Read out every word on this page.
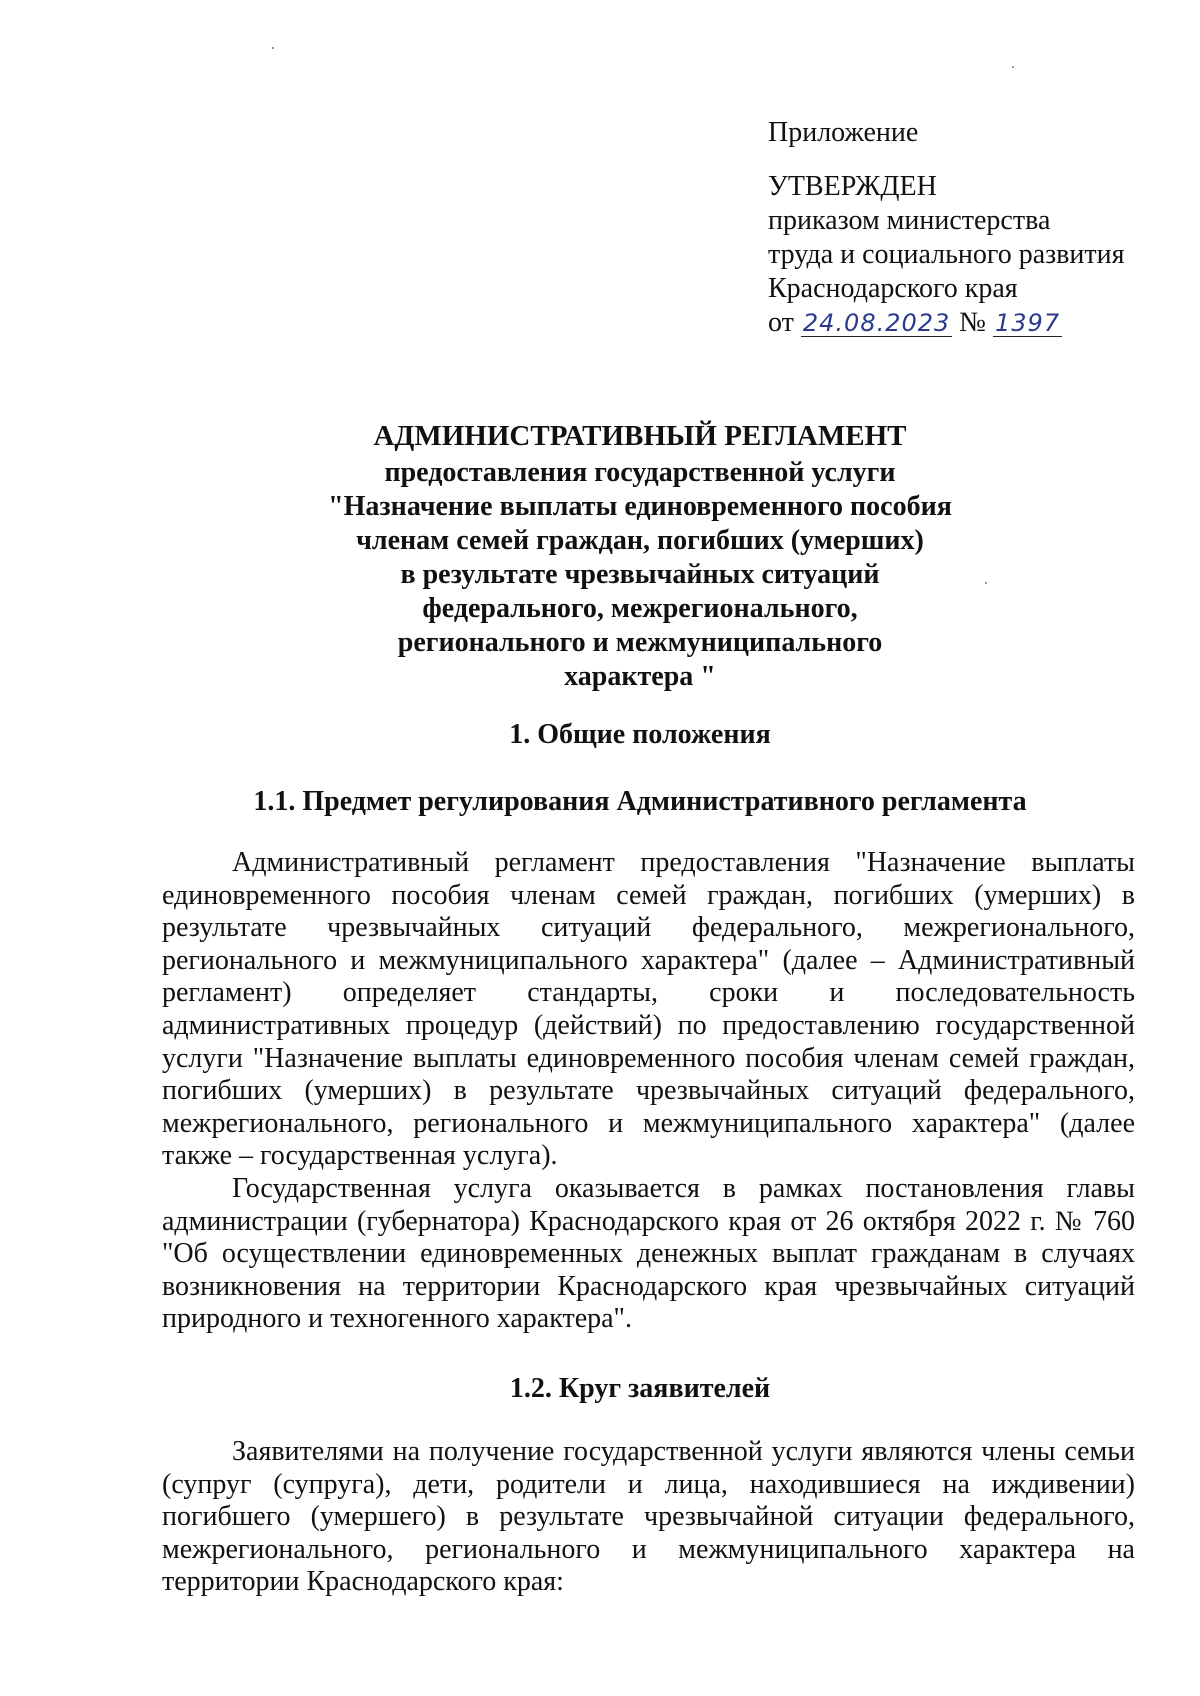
Приложение
УТВЕРЖДЕН
приказом министерства
труда и социального развития
Краснодарского края
от 24.08.2023 № 1397
АДМИНИСТРАТИВНЫЙ РЕГЛАМЕНТ
предоставления государственной услуги
"Назначение выплаты единовременного пособия
членам семей граждан, погибших (умерших)
в результате чрезвычайных ситуаций
федерального, межрегионального,
регионального и межмуниципального
характера "
1. Общие положения
1.1. Предмет регулирования Административного регламента

Административный регламент предоставления "Назначение выплаты единовременного пособия членам семей граждан, погибших (умерших) в результате чрезвычайных ситуаций федерального, межрегионального, регионального и межмуниципального характера" (далее – Административный регламент) определяет стандарты, сроки и последовательность административных процедур (действий) по предоставлению государственной услуги "Назначение выплаты единовременного пособия членам семей граждан, погибших (умерших) в результате чрезвычайных ситуаций федерального, межрегионального, регионального и межмуниципального характера" (далее также – государственная услуга).

Государственная услуга оказывается в рамках постановления главы администрации (губернатора) Краснодарского края от 26 октября 2022 г. № 760 "Об осуществлении единовременных денежных выплат гражданам в случаях возникновения на территории Краснодарского края чрезвычайных ситуаций природного и техногенного характера".

1.2. Круг заявителей

Заявителями на получение государственной услуги являются члены семьи (супруг (супруга), дети, родители и лица, находившиеся на иждивении) погибшего (умершего) в результате чрезвычайной ситуации федерального, межрегионального, регионального и межмуниципального характера на территории Краснодарского края:
